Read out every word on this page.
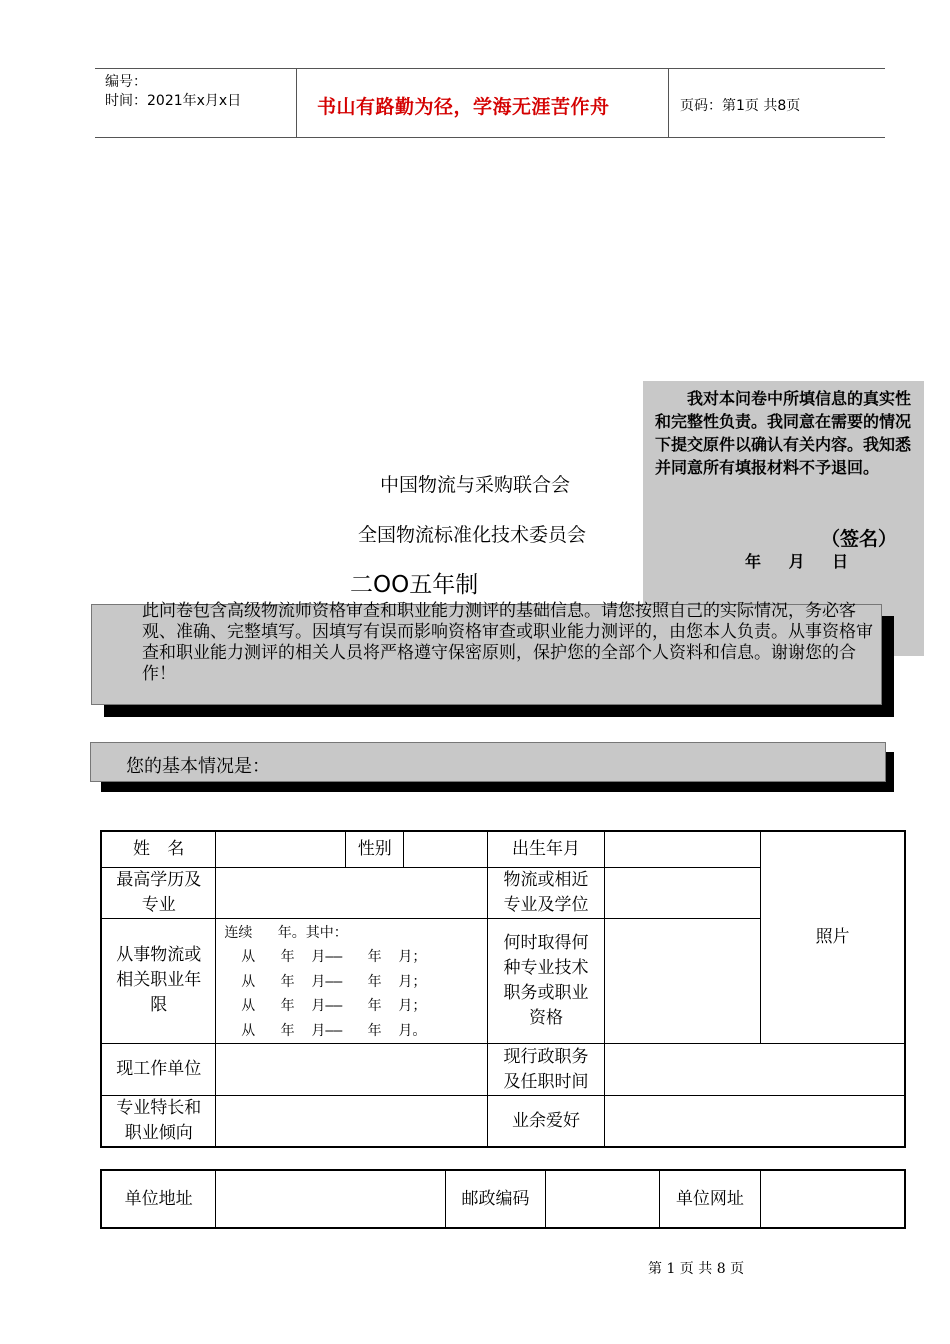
编号：
时间：2021年x月x日	书山有路勤为径，学海无涯苦作舟	页码：第1页 共8页
中国物流与采购联合会
全国物流标准化技术委员会
二OO五年制
我对本问卷中所填信息的真实性和完整性负责。我同意在需要的情况下提交原件以确认有关内容。我知悉并同意所有填报材料不予退回。
（签名）
年 月 日
此问卷包含高级物流师资格审查和职业能力测评的基础信息。请您按照自己的实际情况，务必客观、准确、完整填写。因填写有误而影响资格审查或职业能力测评的，由您本人负责。从事资格审查和职业能力测评的相关人员将严格遵守保密原则，保护您的全部个人资料和信息。谢谢您的合作！
您的基本情况是：
姓 名		性别		出生年月		照片

最高学历及专业				物流或相近专业及学位		

从事物流或相关职业年限	连续   年。其中：
从   年  月——   年  月；
从   年  月——   年  月；
从   年  月——   年  月；
从   年  月——   年  月。			何时取得何种专业技术职务或职业资格		

现工作单位				现行政职务及任职时间		

专业特长和职业倾向				业余爱好		
单位地址		邮政编码		单位网址	
第 1 页 共 8 页
